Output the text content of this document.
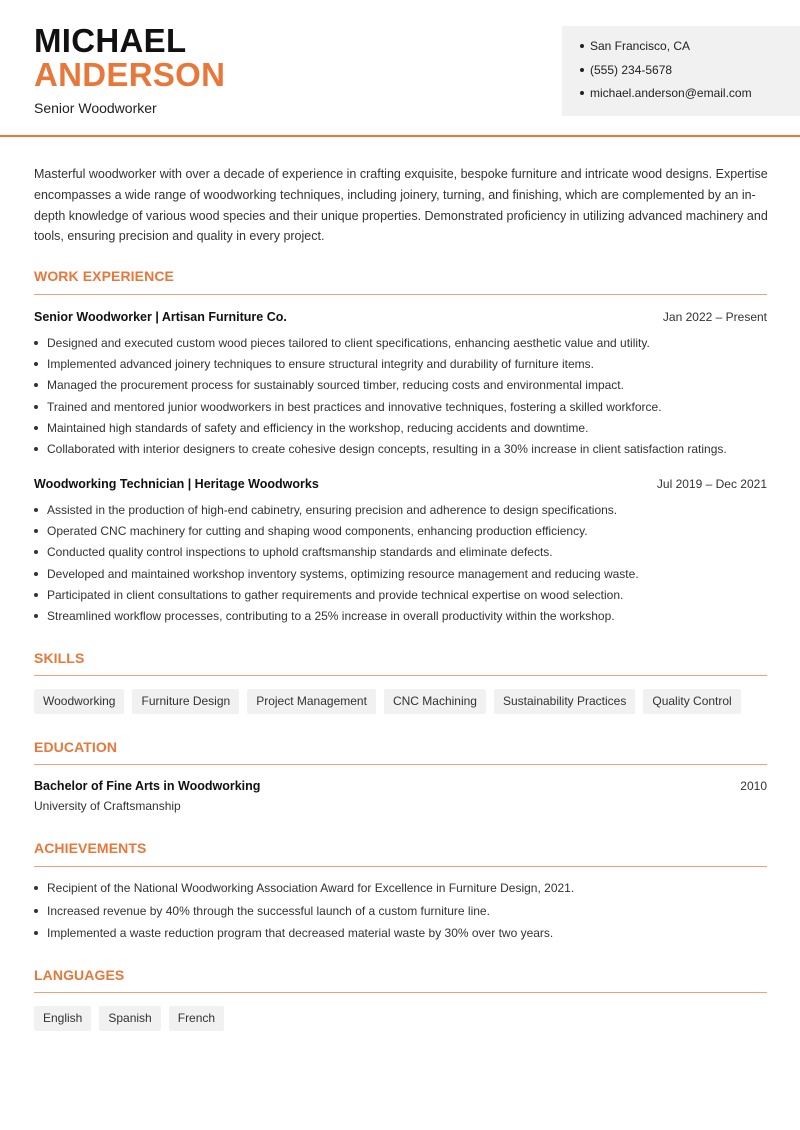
MICHAEL
ANDERSON
Senior Woodworker
San Francisco, CA
(555) 234-5678
michael.anderson@email.com

Masterful woodworker with over a decade of experience in crafting exquisite, bespoke furniture and intricate wood designs. Expertise encompasses a wide range of woodworking techniques, including joinery, turning, and finishing, which are complemented by an in-depth knowledge of various wood species and their unique properties. Demonstrated proficiency in utilizing advanced machinery and tools, ensuring precision and quality in every project.

WORK EXPERIENCE
Senior Woodworker | Artisan Furniture Co.	Jan 2022 – Present
Designed and executed custom wood pieces tailored to client specifications, enhancing aesthetic value and utility.
Implemented advanced joinery techniques to ensure structural integrity and durability of furniture items.
Managed the procurement process for sustainably sourced timber, reducing costs and environmental impact.
Trained and mentored junior woodworkers in best practices and innovative techniques, fostering a skilled workforce.
Maintained high standards of safety and efficiency in the workshop, reducing accidents and downtime.
Collaborated with interior designers to create cohesive design concepts, resulting in a 30% increase in client satisfaction ratings.
Woodworking Technician | Heritage Woodworks	Jul 2019 – Dec 2021
Assisted in the production of high-end cabinetry, ensuring precision and adherence to design specifications.
Operated CNC machinery for cutting and shaping wood components, enhancing production efficiency.
Conducted quality control inspections to uphold craftsmanship standards and eliminate defects.
Developed and maintained workshop inventory systems, optimizing resource management and reducing waste.
Participated in client consultations to gather requirements and provide technical expertise on wood selection.
Streamlined workflow processes, contributing to a 25% increase in overall productivity within the workshop.
SKILLS
Woodworking	Furniture Design	Project Management	CNC Machining	Sustainability Practices	Quality Control
EDUCATION
Bachelor of Fine Arts in Woodworking	2010
University of Craftsmanship
ACHIEVEMENTS
Recipient of the National Woodworking Association Award for Excellence in Furniture Design, 2021.
Increased revenue by 40% through the successful launch of a custom furniture line.
Implemented a waste reduction program that decreased material waste by 30% over two years.
LANGUAGES
English	Spanish	French
